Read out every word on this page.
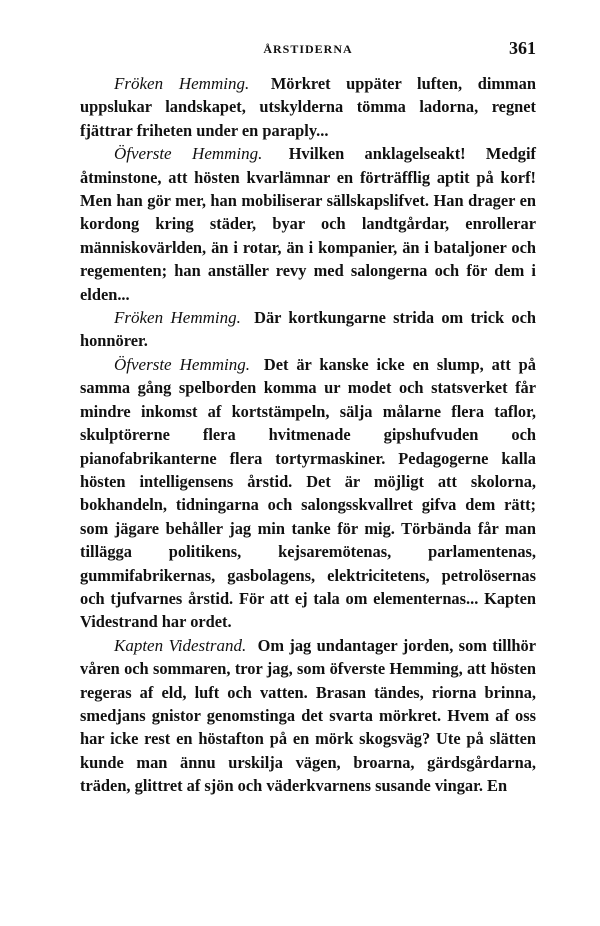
ÅRSTIDERNA	361

Fröken Hemming. Mörkret uppäter luften, dimman uppslukar landskapet, utskylderna tömma ladorna, regnet fjättrar friheten under en paraply...

Öfverste Hemming. Hvilken anklagelseakt! Medgif åtminstone, att hösten kvarlämnar en förträfflig aptit på korf! Men han gör mer, han mobiliserar sällskapslifvet. Han drager en kordong kring städer, byar och landtgårdar, enrollerar människovärlden, än i rotar, än i kompanier, än i bataljoner och regementen; han anställer revy med salongerna och för dem i elden...

Fröken Hemming. Där kortkungarne strida om trick och honnörer.

Öfverste Hemming. Det är kanske icke en slump, att på samma gång spelborden komma ur modet och statsverket får mindre inkomst af kortstämpeln, sälja målarne flera taflor, skulptörerne flera hvitmenade gipshufvuden och pianofabrikanterne flera tortyrmaskiner. Pedagogerne kalla hösten intelligensens årstid. Det är möjligt att skolorna, bokhandeln, tidningarna och salongsskvallret gifva dem rätt; som jägare behåller jag min tanke för mig. Törbända får man tillägga politikens, kejsaremötenas, parlamentenas, gummifabrikernas, gasbolagens, elektricitetens, petrolösernas och tjufvarnes årstid. För att ej tala om elementernas... Kapten Videstrand har ordet.

Kapten Videstrand. Om jag undantager jorden, som tillhör våren och sommaren, tror jag, som öfverste Hemming, att hösten regeras af eld, luft och vatten. Brasan tändes, riorna brinna, smedjans gnistor genomstinga det svarta mörkret. Hvem af oss har icke rest en höstafton på en mörk skogsväg? Ute på slätten kunde man ännu urskilja vägen, broarna, gärdsgårdarna, träden, glittret af sjön och väderkvarnens susande vingar. En
